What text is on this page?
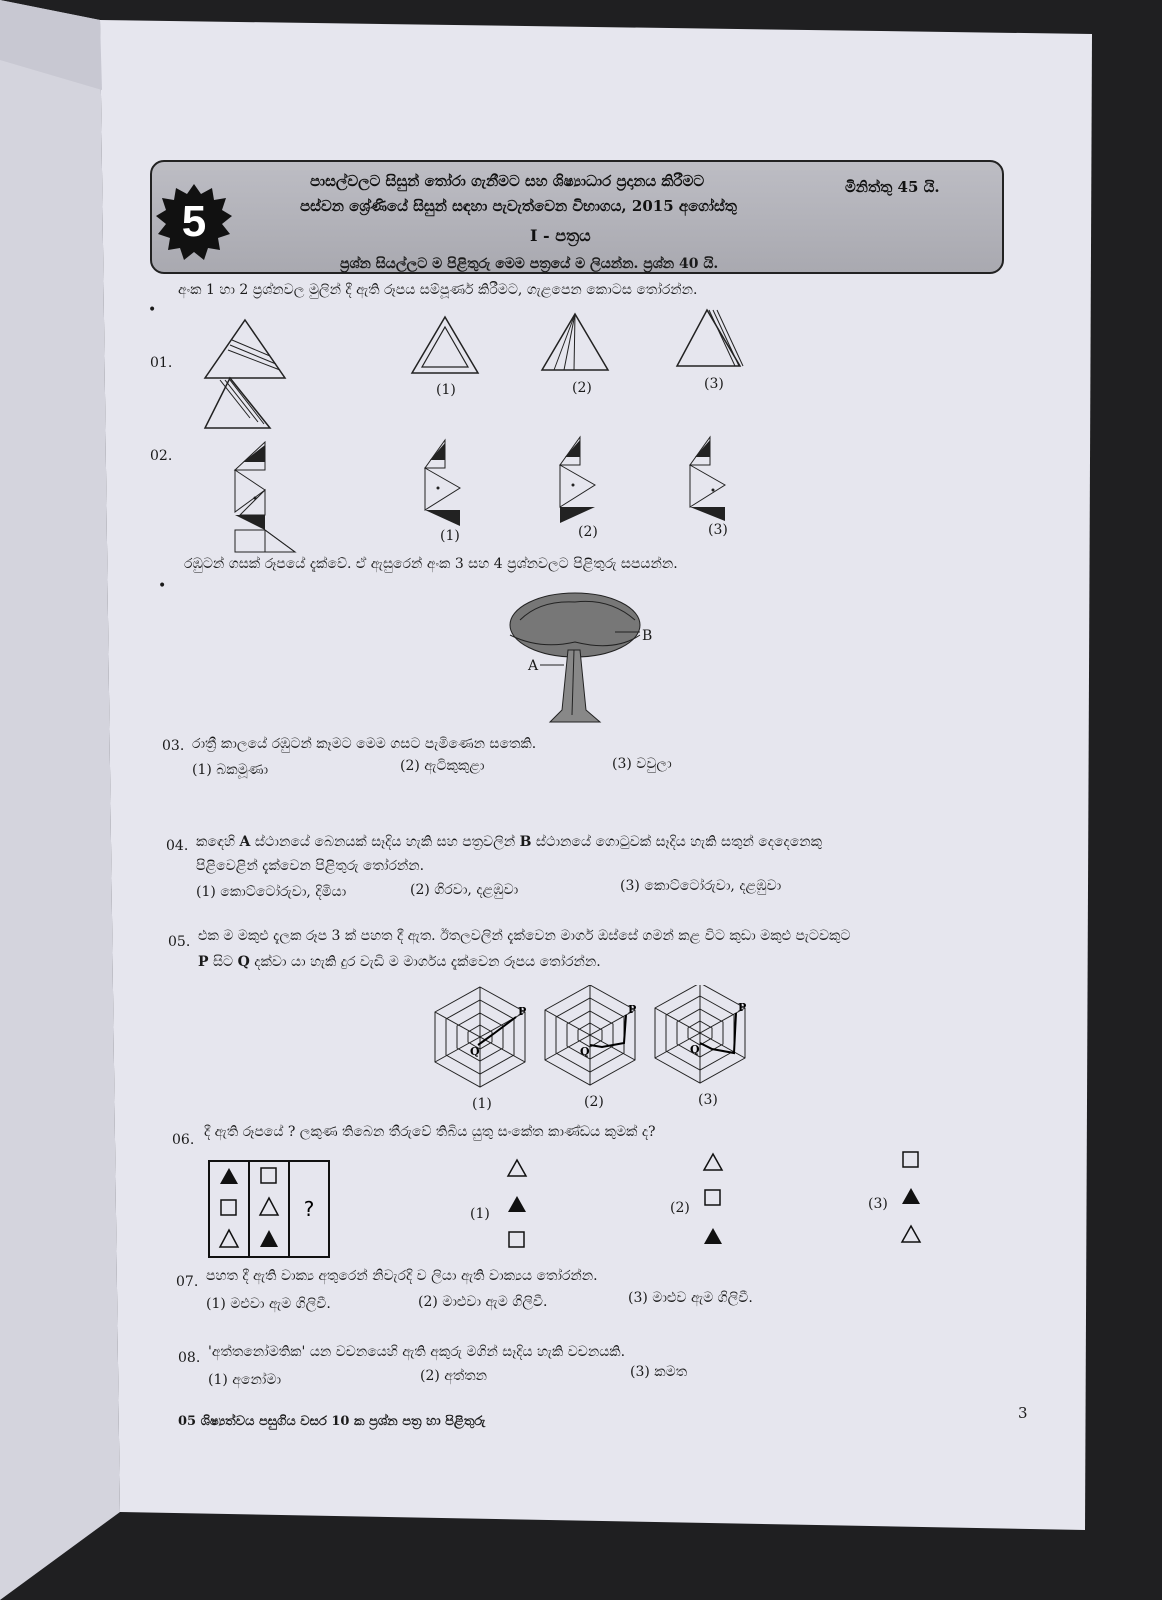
5
පාසල්වලට සිසුන් තෝරා ගැනීමට සහ ශිෂ්‍යාධාර ප්‍රදානය කිරීමට
පස්වන ශ්‍රේණියේ සිසුන් සඳහා පැවැත්වෙන විභාගය, 2015 අගෝස්තු
I - පත්‍රය
මිනිත්තු 45 යි.
ප්‍රශ්න සියල්ලට ම පිළිතුරු මෙම පත්‍රයේ ම ලියන්න. ප්‍රශ්න 40 යි.
•
අංක 1 හා 2 ප්‍රශ්නවල මුලින් දී ඇති රූපය සම්පූර්ණ කිරීමට, ගැළපෙන කොටස තෝරන්න.
01.
(1)	(2)	(3)
02.
(1)	(2)	(3)
•
රඹුටන් ගසක් රූපයේ දැක්වේ. ඒ ඇසුරෙන් අංක 3 සහ 4 ප්‍රශ්නවලට පිළිතුරු සපයන්න.
B
A
03. රාත්‍රී කාලයේ රඹුටන් කෑමට මෙම ගසට පැමිණෙන සතෙකි.
(1) බකමූණා	(2) ඇටිකුකුළා	(3) වවුලා
04. කඳෙහි A ස්ථානයේ බෙනයක් සෑදිය හැකි සහ පත්‍රවලින් B ස්ථානයේ ගොටුවක් සෑදිය හැකි සතුන් දෙදෙනෙකු
පිළිවෙළින් දැක්වෙන පිළිතුරු තෝරන්න.
(1) කොට්ටෝරුවා, දිමියා	(2) ගිරවා, දළඹුවා	(3) කොට්ටෝරුවා, දළඹුවා
05. එක ම මකුළු දැලක රූප 3 ක් පහත දී ඇත. ඊතලවලින් දැක්වෙන මාර්ග ඔස්සේ ගමන් කළ විට කුඩා මකුළු පැටවකුට
P සිට Q දක්වා යා හැකි දුර වැඩි ම මාර්ගය දැක්වෙන රූපය තෝරන්න.
P
Q
P
Q
P
Q
(1)	(2)	(3)
06. දී ඇති රූපයේ ? ලකුණ තිබෙන තීරුවේ තිබිය යුතු සංකේත කාණ්ඩය කුමක් ද?
?	(1)	(2)	(3)
07. පහත දී ඇති වාක්‍ය අතුරෙන් නිවැරදි ව ලියා ඇති වාක්‍යය තෝරන්න.
(1) මළුවා ඇම ගිලිවී.	(2) මාළුවා ඇම ගිලිවී.	(3) මාළුව ඇම ගිලිවී.
08. 'අත්තනෝමතික' යන වචනයෙහි ඇති අකුරු මගින් සෑදිය හැකි වචනයකි.
(1) අනෝමා	(2) අත්තන	(3) කමත
05 ශිෂ්‍යත්වය පසුගිය වසර 10 ක ප්‍රශ්න පත්‍ර හා පිළිතුරු	3
